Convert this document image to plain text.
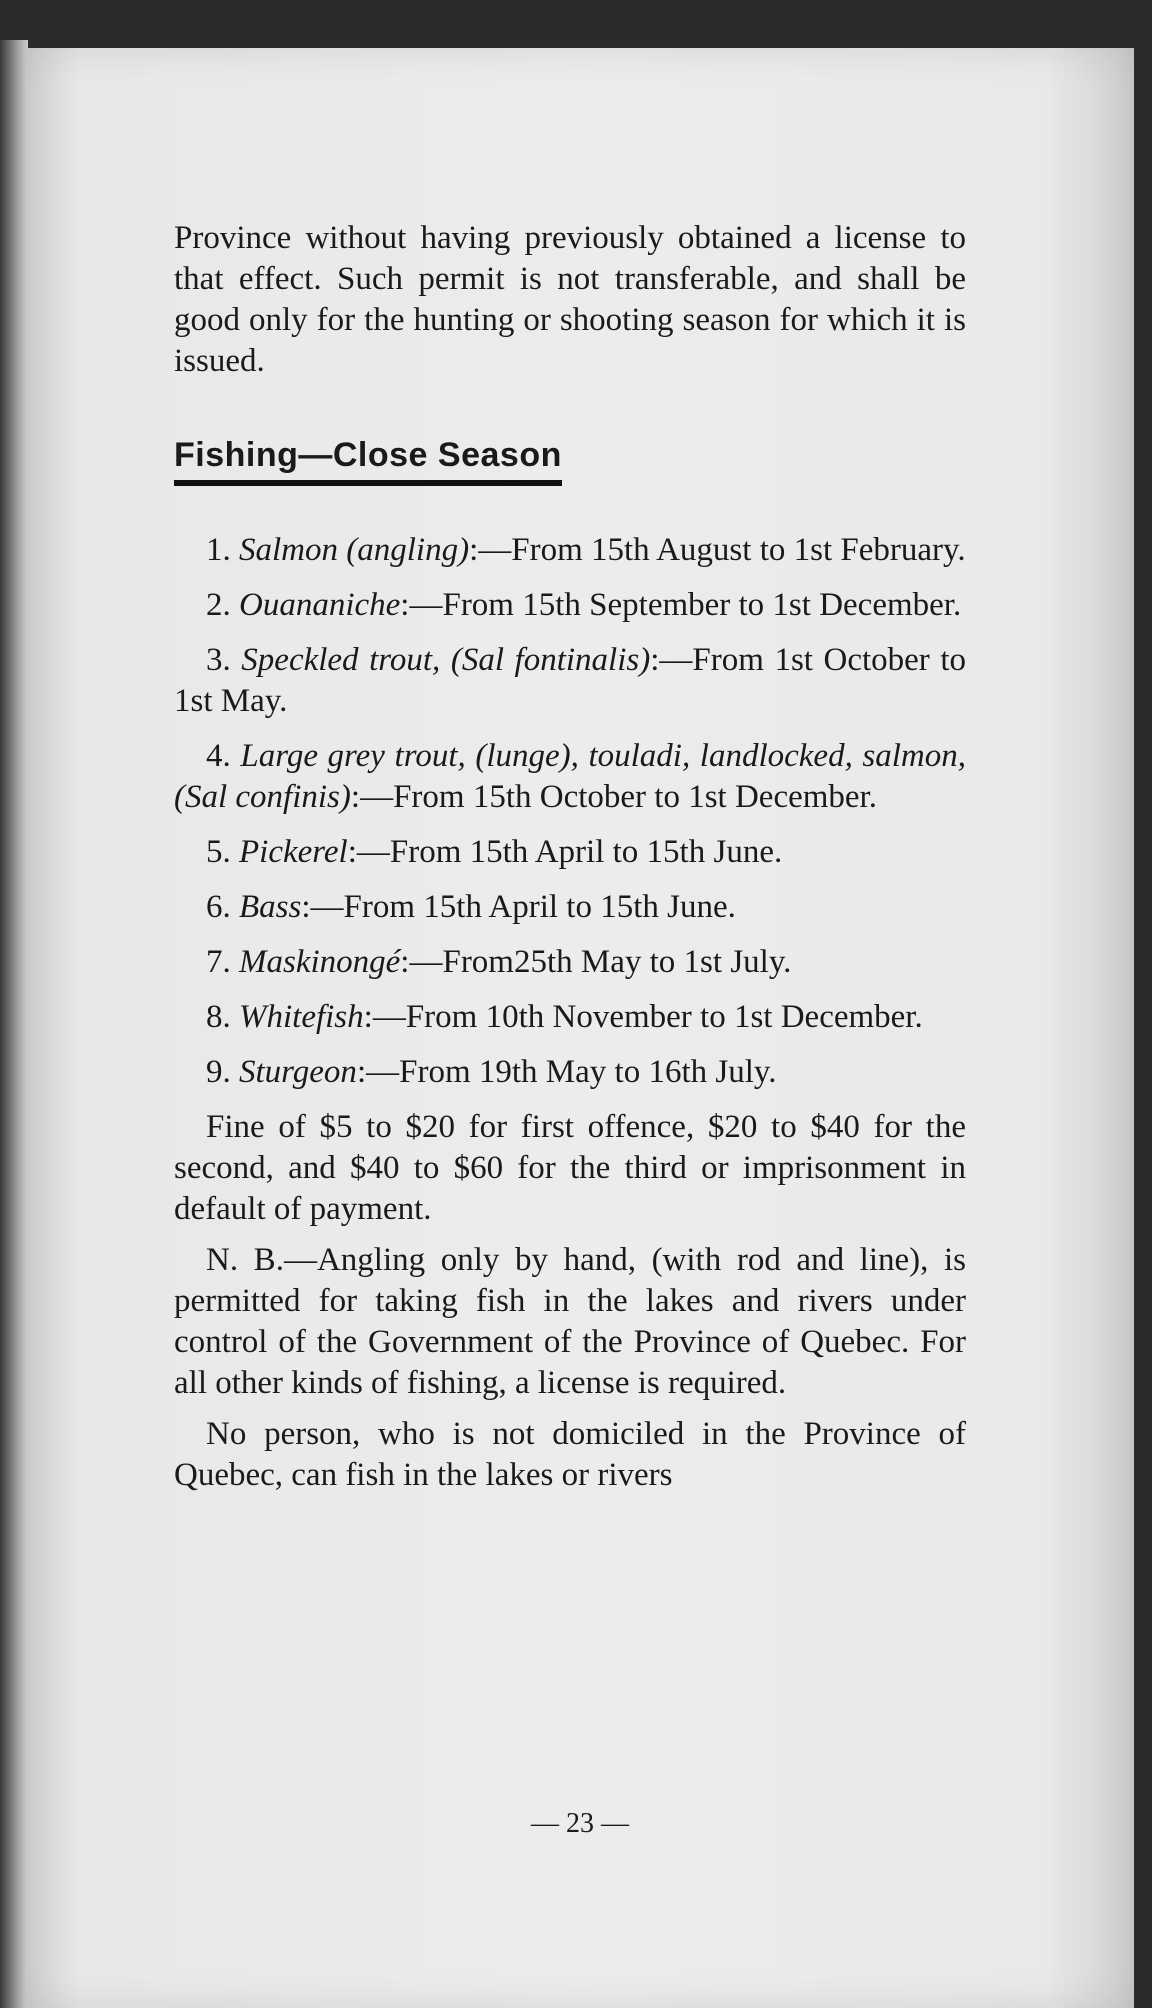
Province without having previously obtained a license to that effect. Such permit is not transferable, and shall be good only for the hunting or shooting season for which it is issued.

Fishing—Close Season

1. Salmon (angling):—From 15th August to 1st February.

2. Ouananiche:—From 15th September to 1st December.

3. Speckled trout, (Sal fontinalis):—From 1st October to 1st May.

4. Large grey trout, (lunge), touladi, landlocked, salmon, (Sal confinis):—From 15th October to 1st December.

5. Pickerel:—From 15th April to 15th June.

6. Bass:—From 15th April to 15th June.

7. Maskinongé:—From25th May to 1st July.

8. Whitefish:—From 10th November to 1st December.

9. Sturgeon:—From 19th May to 16th July.

Fine of $5 to $20 for first offence, $20 to $40 for the second, and $40 to $60 for the third or imprisonment in default of payment.

N. B.—Angling only by hand, (with rod and line), is permitted for taking fish in the lakes and rivers under control of the Government of the Province of Quebec. For all other kinds of fishing, a license is required.

No person, who is not domiciled in the Province of Quebec, can fish in the lakes or rivers

— 23 —
